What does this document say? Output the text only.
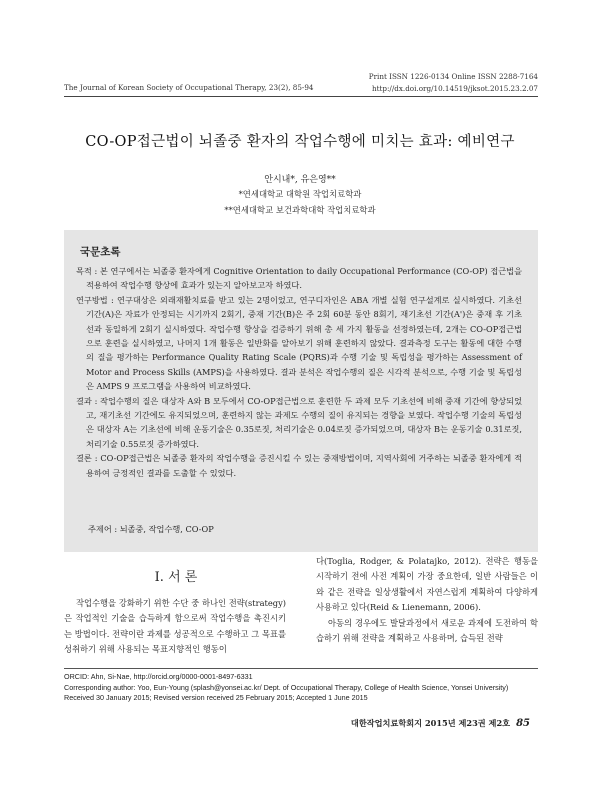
Print ISSN 1226-0134 Online ISSN 2288-7164
The Journal of Korean Society of Occupational Therapy, 23(2), 85-94	http://dx.doi.org/10.14519/jksot.2015.23.2.07
CO-OP접근법이 뇌졸중 환자의 작업수행에 미치는 효과: 예비연구
안시내*, 유은영**
*연세대학교 대학원 작업치료학과
**연세대학교 보건과학대학 작업치료학과
국문초록

목적 : 본 연구에서는 뇌졸중 환자에게 Cognitive Orientation to daily Occupational Performance (CO-OP) 접근법을 적용하여 작업수행 향상에 효과가 있는지 알아보고자 하였다.

연구방법 : 연구대상은 외래재활치료를 받고 있는 2명이었고, 연구디자인은 ABA 개별 실험 연구설계로 실시하였다. 기초선 기간(A)은 자료가 안정되는 시기까지 2회기, 중재 기간(B)은 주 2회 60분 동안 8회기, 재기초선 기간(A')은 중재 후 기초선과 동일하게 2회기 실시하였다. 작업수행 향상을 검증하기 위해 총 세 가지 활동을 선정하였는데, 2개는 CO-OP접근법으로 훈련을 실시하였고, 나머지 1개 활동은 일반화를 알아보기 위해 훈련하지 않았다. 결과측정 도구는 활동에 대한 수행의 질을 평가하는 Performance Quality Rating Scale (PQRS)과 수행 기술 및 독립성을 평가하는 Assessment of Motor and Process Skills (AMPS)을 사용하였다. 결과 분석은 작업수행의 질은 시각적 분석으로, 수행 기술 및 독립성은 AMPS 9 프로그램을 사용하여 비교하였다.

결과 : 작업수행의 질은 대상자 A와 B 모두에서 CO-OP접근법으로 훈련한 두 과제 모두 기초선에 비해 중재 기간에 향상되었고, 재기초선 기간에도 유지되었으며, 훈련하지 않는 과제도 수행의 질이 유지되는 경향을 보였다. 작업수행 기술의 독립성은 대상자 A는 기초선에 비해 운동기술은 0.35로짓, 처리기술은 0.04로짓 증가되었으며, 대상자 B는 운동기술 0.31로짓, 처리기술 0.55로짓 증가하였다.

결론 : CO-OP접근법은 뇌졸중 환자의 작업수행을 증진시킬 수 있는 중재방법이며, 지역사회에 거주하는 뇌졸중 환자에게 적용하여 긍정적인 결과를 도출할 수 있었다.

주제어 : 뇌졸중, 작업수행, CO-OP
Ⅰ. 서 론

작업수행을 강화하기 위한 수단 중 하나인 전략(strategy)은 작업적인 기술을 습득하게 함으로써 작업수행을 촉진시키는 방법이다. 전략이란 과제를 성공적으로 수행하고 그 목표를 성취하기 위해 사용되는 목표지향적인 행동이

다(Toglia, Rodger, & Polatajko, 2012). 전략은 행동을 시작하기 전에 사전 계획이 가장 중요한데, 일반 사람들은 이와 같은 전략을 일상생활에서 자연스럽게 계획하여 다양하게 사용하고 있다(Reid & Lienemann, 2006).

아동의 경우에도 발달과정에서 새로운 과제에 도전하여 학습하기 위해 전략을 계획하고 사용하며, 습득된 전략

ORCID: Ahn, Si-Nae, http://orcid.org/0000-0001-8497-6331
Corresponding author: Yoo, Eun-Young (splash@yonsei.ac.kr/ Dept. of Occupational Therapy, College of Health Science, Yonsei University)
Received 30 January 2015; Revised version received 25 February 2015; Accepted 1 June 2015
대한작업치료학회지 2015년 제23권 제2호 85
